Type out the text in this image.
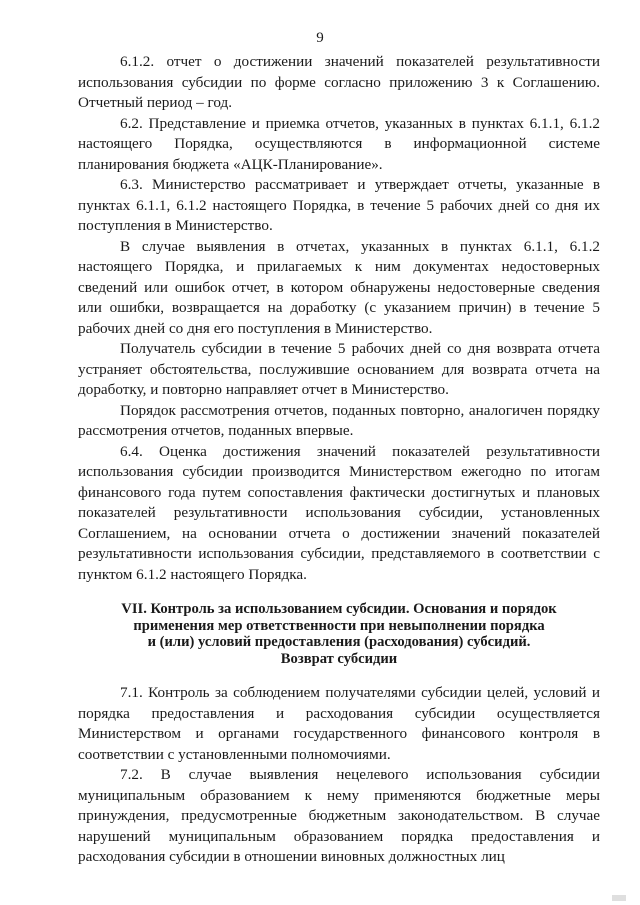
9

6.1.2. отчет о достижении значений показателей результативности использования субсидии по форме согласно приложению 3 к Соглашению. Отчетный период – год.

6.2. Представление и приемка отчетов, указанных в пунктах 6.1.1, 6.1.2 настоящего Порядка, осуществляются в информационной системе планирования бюджета «АЦК-Планирование».

6.3. Министерство рассматривает и утверждает отчеты, указанные в пунктах 6.1.1, 6.1.2 настоящего Порядка, в течение 5 рабочих дней со дня их поступления в Министерство.

В случае выявления в отчетах, указанных в пунктах 6.1.1, 6.1.2 настоящего Порядка, и прилагаемых к ним документах недостоверных сведений или ошибок отчет, в котором обнаружены недостоверные сведения или ошибки, возвращается на доработку (с указанием причин) в течение 5 рабочих дней со дня его поступления в Министерство.

Получатель субсидии в течение 5 рабочих дней со дня возврата отчета устраняет обстоятельства, послужившие основанием для возврата отчета на доработку, и повторно направляет отчет в Министерство.

Порядок рассмотрения отчетов, поданных повторно, аналогичен порядку рассмотрения отчетов, поданных впервые.

6.4. Оценка достижения значений показателей результативности использования субсидии производится Министерством ежегодно по итогам финансового года путем сопоставления фактически достигнутых и плановых показателей результативности использования субсидии, установленных Соглашением, на основании отчета о достижении значений показателей результативности использования субсидии, представляемого в соответствии с пунктом 6.1.2 настоящего Порядка.

VII. Контроль за использованием субсидии. Основания и порядок
применения мер ответственности при невыполнении порядка
и (или) условий предоставления (расходования) субсидий.
Возврат субсидии

7.1. Контроль за соблюдением получателями субсидии целей, условий и порядка предоставления и расходования субсидии осуществляется Министерством и органами государственного финансового контроля в соответствии с установленными полномочиями.

7.2. В случае выявления нецелевого использования субсидии муниципальным образованием к нему применяются бюджетные меры принуждения, предусмотренные бюджетным законодательством. В случае нарушений муниципальным образованием порядка предоставления и расходования субсидии в отношении виновных должностных лиц
